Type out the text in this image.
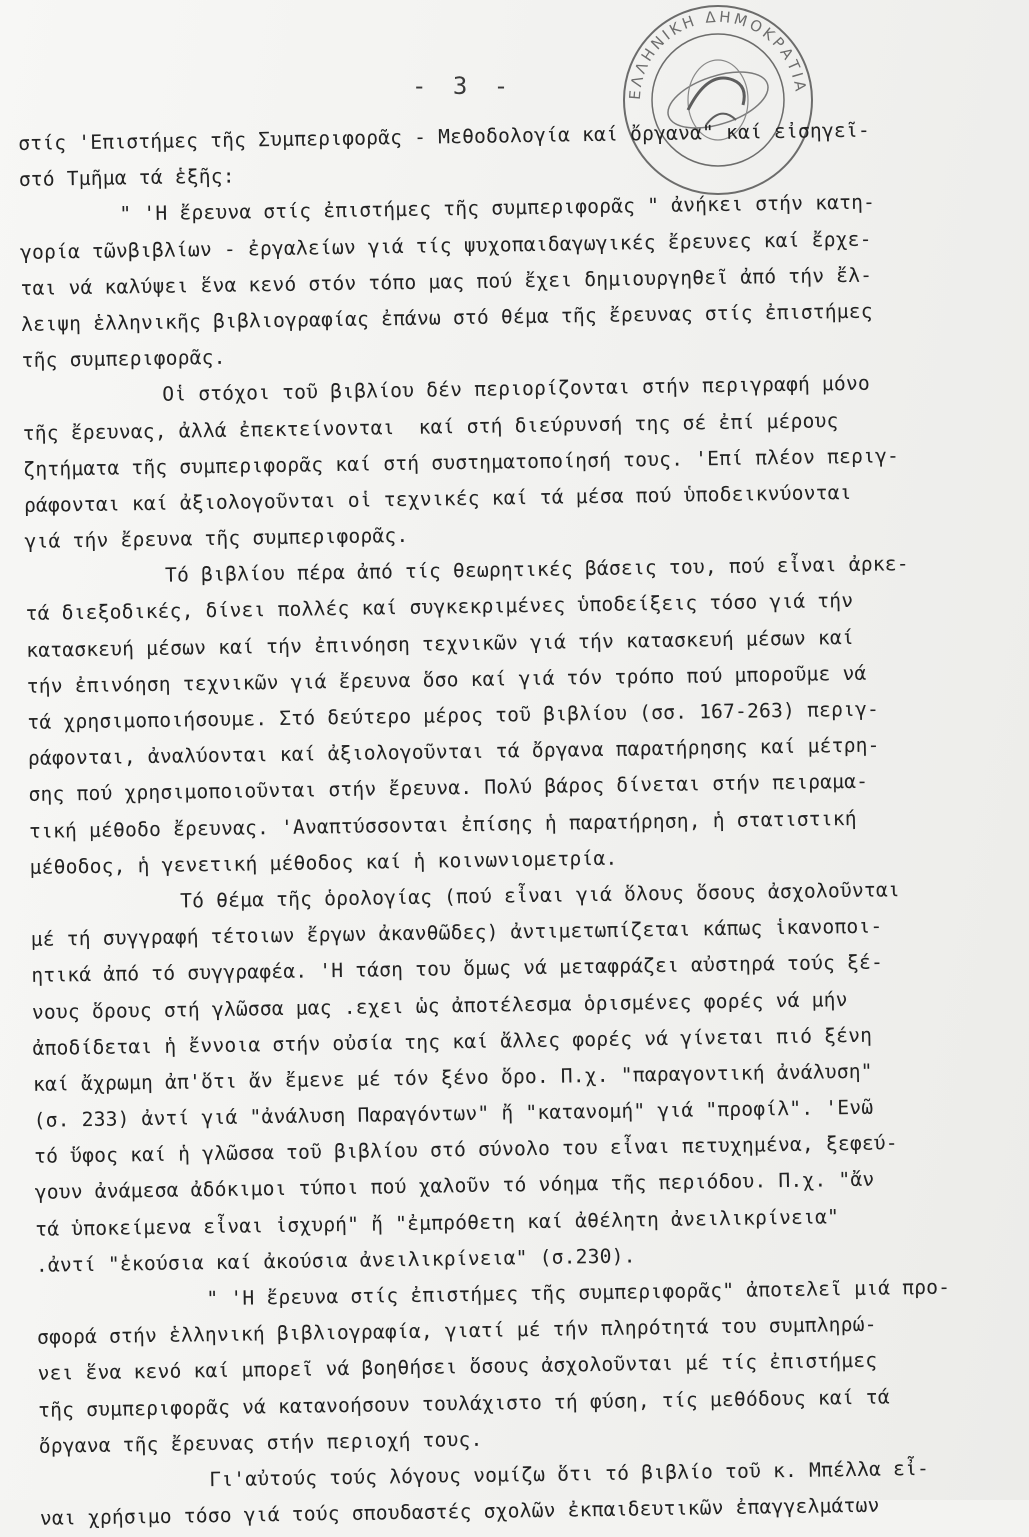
- 3 -	ΕΛΛΗΝΙΚΗ ΔΗΜΟΚΡΑΤΙΑ
στίς 'Επιστήμες τῆς Συμπεριφορᾶς - Μεθοδολογία καί ὄργανα" καί εἰσηγεῖ-
στό Τμῆμα τά ἑξῆς:
" 'Η ἔρευνα στίς ἐπιστήμες τῆς συμπεριφορᾶς " ἀνήκει στήν κατη-
γορία τῶνβιβλίων - ἐργαλείων γιά τίς ψυχοπαιδαγωγικές ἔρευνες καί ἔρχε-
ται νά καλύψει ἕνα κενό στόν τόπο μας πού ἔχει δημιουργηθεῖ ἀπό τήν ἔλ-
λειψη ἑλληνικῆς βιβλιογραφίας ἐπάνω στό θέμα τῆς ἔρευνας στίς ἐπιστήμες
τῆς συμπεριφορᾶς.
Οἱ στόχοι τοῦ βιβλίου δέν περιορίζονται στήν περιγραφή μόνο
τῆς ἔρευνας, ἀλλά ἐπεκτείνονται  καί στή διεύρυνσή της σέ ἐπί μέρους
ζητήματα τῆς συμπεριφορᾶς καί στή συστηματοποίησή τους. 'Επί πλέον περιγ-
ράφονται καί ἀξιολογοῦνται οἱ τεχνικές καί τά μέσα πού ὑποδεικνύονται
γιά τήν ἔρευνα τῆς συμπεριφορᾶς.
Τό βιβλίου πέρα ἀπό τίς θεωρητικές βάσεις του, πού εἶναι ἀρκε-
τά διεξοδικές, δίνει πολλές καί συγκεκριμένες ὑποδείξεις τόσο γιά τήν
κατασκευή μέσων καί τήν ἐπινόηση τεχνικῶν γιά τήν κατασκευή μέσων καί
τήν ἐπινόηση τεχνικῶν γιά ἔρευνα ὅσο καί γιά τόν τρόπο πού μποροῦμε νά
τά χρησιμοποιήσουμε. Στό δεύτερο μέρος τοῦ βιβλίου (σσ. 167-263) περιγ-
ράφονται, ἀναλύονται καί ἀξιολογοῦνται τά ὄργανα παρατήρησης καί μέτρη-
σης πού χρησιμοποιοῦνται στήν ἔρευνα. Πολύ βάρος δίνεται στήν πειραμα-
τική μέθοδο ἔρευνας. 'Αναπτύσσονται ἐπίσης ἡ παρατήρηση, ἡ στατιστική
μέθοδος, ἡ γενετική μέθοδος καί ἡ κοινωνιομετρία.
Τό θέμα τῆς ὁρολογίας (πού εἶναι γιά ὅλους ὅσους ἀσχολοῦνται
μέ τή συγγραφή τέτοιων ἔργων ἀκανθῶδες) ἀντιμετωπίζεται κάπως ἱκανοποι-
ητικά ἀπό τό συγγραφέα. 'Η τάση του ὅμως νά μεταφράζει αὐστηρά τούς ξέ-
νους ὅρους στή γλῶσσα μας .εχει ὡς ἀποτέλεσμα ὁρισμένες φορές νά μήν
ἀποδίδεται ἡ ἔννοια στήν οὐσία της καί ἄλλες φορές νά γίνεται πιό ξένη
καί ἄχρωμη ἀπ'ὅτι ἄν ἔμενε μέ τόν ξένο ὅρο. Π.χ. "παραγοντική ἀνάλυση"
(σ. 233) ἀντί γιά "ἀνάλυση Παραγόντων" ἤ "κατανομή" γιά "προφίλ". 'Ενῶ
τό ὕφος καί ἡ γλῶσσα τοῦ βιβλίου στό σύνολο του εἶναι πετυχημένα, ξεφεύ-
γουν ἀνάμεσα ἀδόκιμοι τύποι πού χαλοῦν τό νόημα τῆς περιόδου. Π.χ. "ἄν
τά ὑποκείμενα εἶναι ἰσχυρή" ἤ "ἐμπρόθετη καί ἀθέλητη ἀνειλικρίνεια"
.ἀντί "ἑκούσια καί ἀκούσια ἀνειλικρίνεια" (σ.230).
" 'Η ἔρευνα στίς ἐπιστήμες τῆς συμπεριφορᾶς" ἀποτελεῖ μιά προ-
σφορά στήν ἑλληνική βιβλιογραφία, γιατί μέ τήν πληρότητά του συμπληρώ-
νει ἕνα κενό καί μπορεῖ νά βοηθήσει ὅσους ἀσχολοῦνται μέ τίς ἐπιστήμες
τῆς συμπεριφορᾶς νά κατανοήσουν τουλάχιστο τή φύση, τίς μεθόδους καί τά
ὄργανα τῆς ἔρευνας στήν περιοχή τους.
Γι'αὐτούς τούς λόγους νομίζω ὅτι τό βιβλίο τοῦ κ. Μπέλλα εἶ-
ναι χρήσιμο τόσο γιά τούς σπουδαστές σχολῶν ἐκπαιδευτικῶν ἐπαγγελμάτων
